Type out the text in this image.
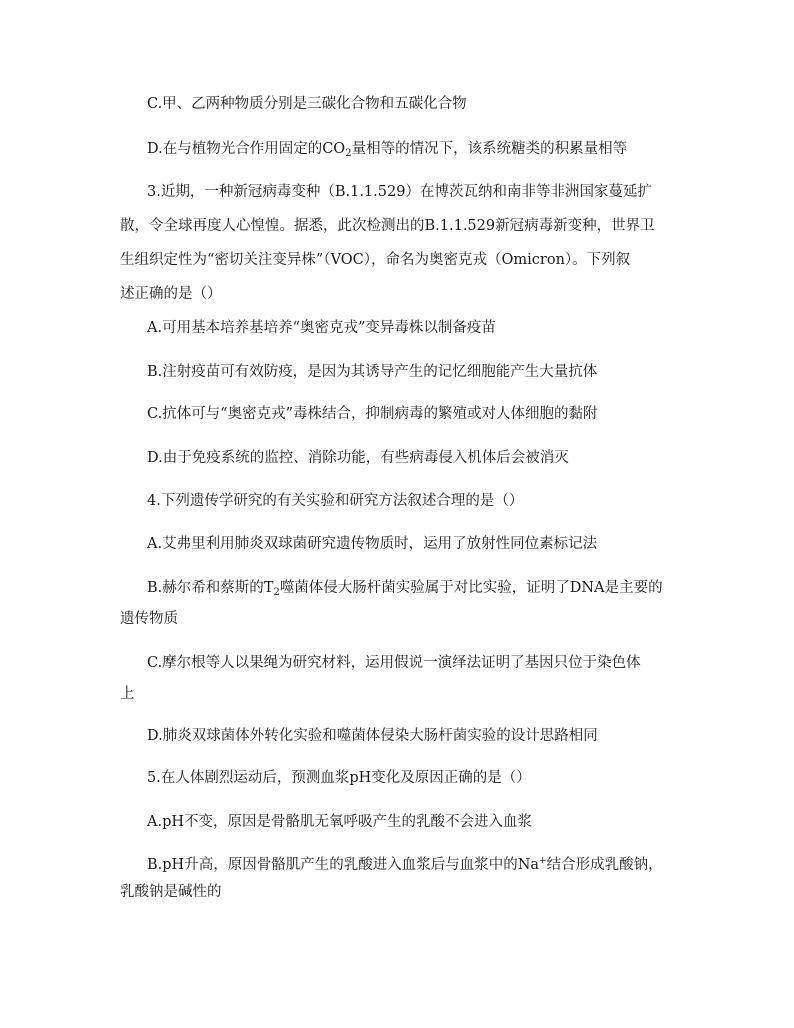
C.甲、乙两种物质分别是三碳化合物和五碳化合物
D.在与植物光合作用固定的$CO_2$量相等的情况下，该系统糖类的积累量相等
3.近期，一种新冠病毒变种（B.1.1.529）在博茨瓦纳和南非等非洲国家蔓延扩
散，令全球再度人心惶惶。据悉，此次检测出的B.1.1.529新冠病毒新变种，世界卫
生组织定性为“密切关注变异株”（VOC），命名为奥密克戎（Omicron）。下列叙
述正确的是（）
A.可用基本培养基培养“奥密克戎”变异毒株以制备疫苗
B.注射疫苗可有效防疫，是因为其诱导产生的记忆细胞能产生大量抗体
C.抗体可与“奥密克戎”毒株结合，抑制病毒的繁殖或对人体细胞的黏附
D.由于免疫系统的监控、消除功能，有些病毒侵入机体后会被消灭
4.下列遗传学研究的有关实验和研究方法叙述合理的是（）
A.艾弗里利用肺炎双球菌研究遗传物质时，运用了放射性同位素标记法
B.赫尔希和蔡斯的$T_2$噬菌体侵大肠杆菌实验属于对比实验，证明了DNA是主要的
遗传物质
C.摩尔根等人以果绳为研究材料，运用假说一演绎法证明了基因只位于染色体
上
D.肺炎双球菌体外转化实验和噬菌体侵染大肠杆菌实验的设计思路相同
5.在人体剧烈运动后，预测血浆pH变化及原因正确的是（）
A.pH不变，原因是骨骼肌无氧呼吸产生的乳酸不会进入血浆
B.pH升高，原因骨骼肌产生的乳酸进入血浆后与血浆中的Na+结合形成乳酸钠，
乳酸钠是碱性的
